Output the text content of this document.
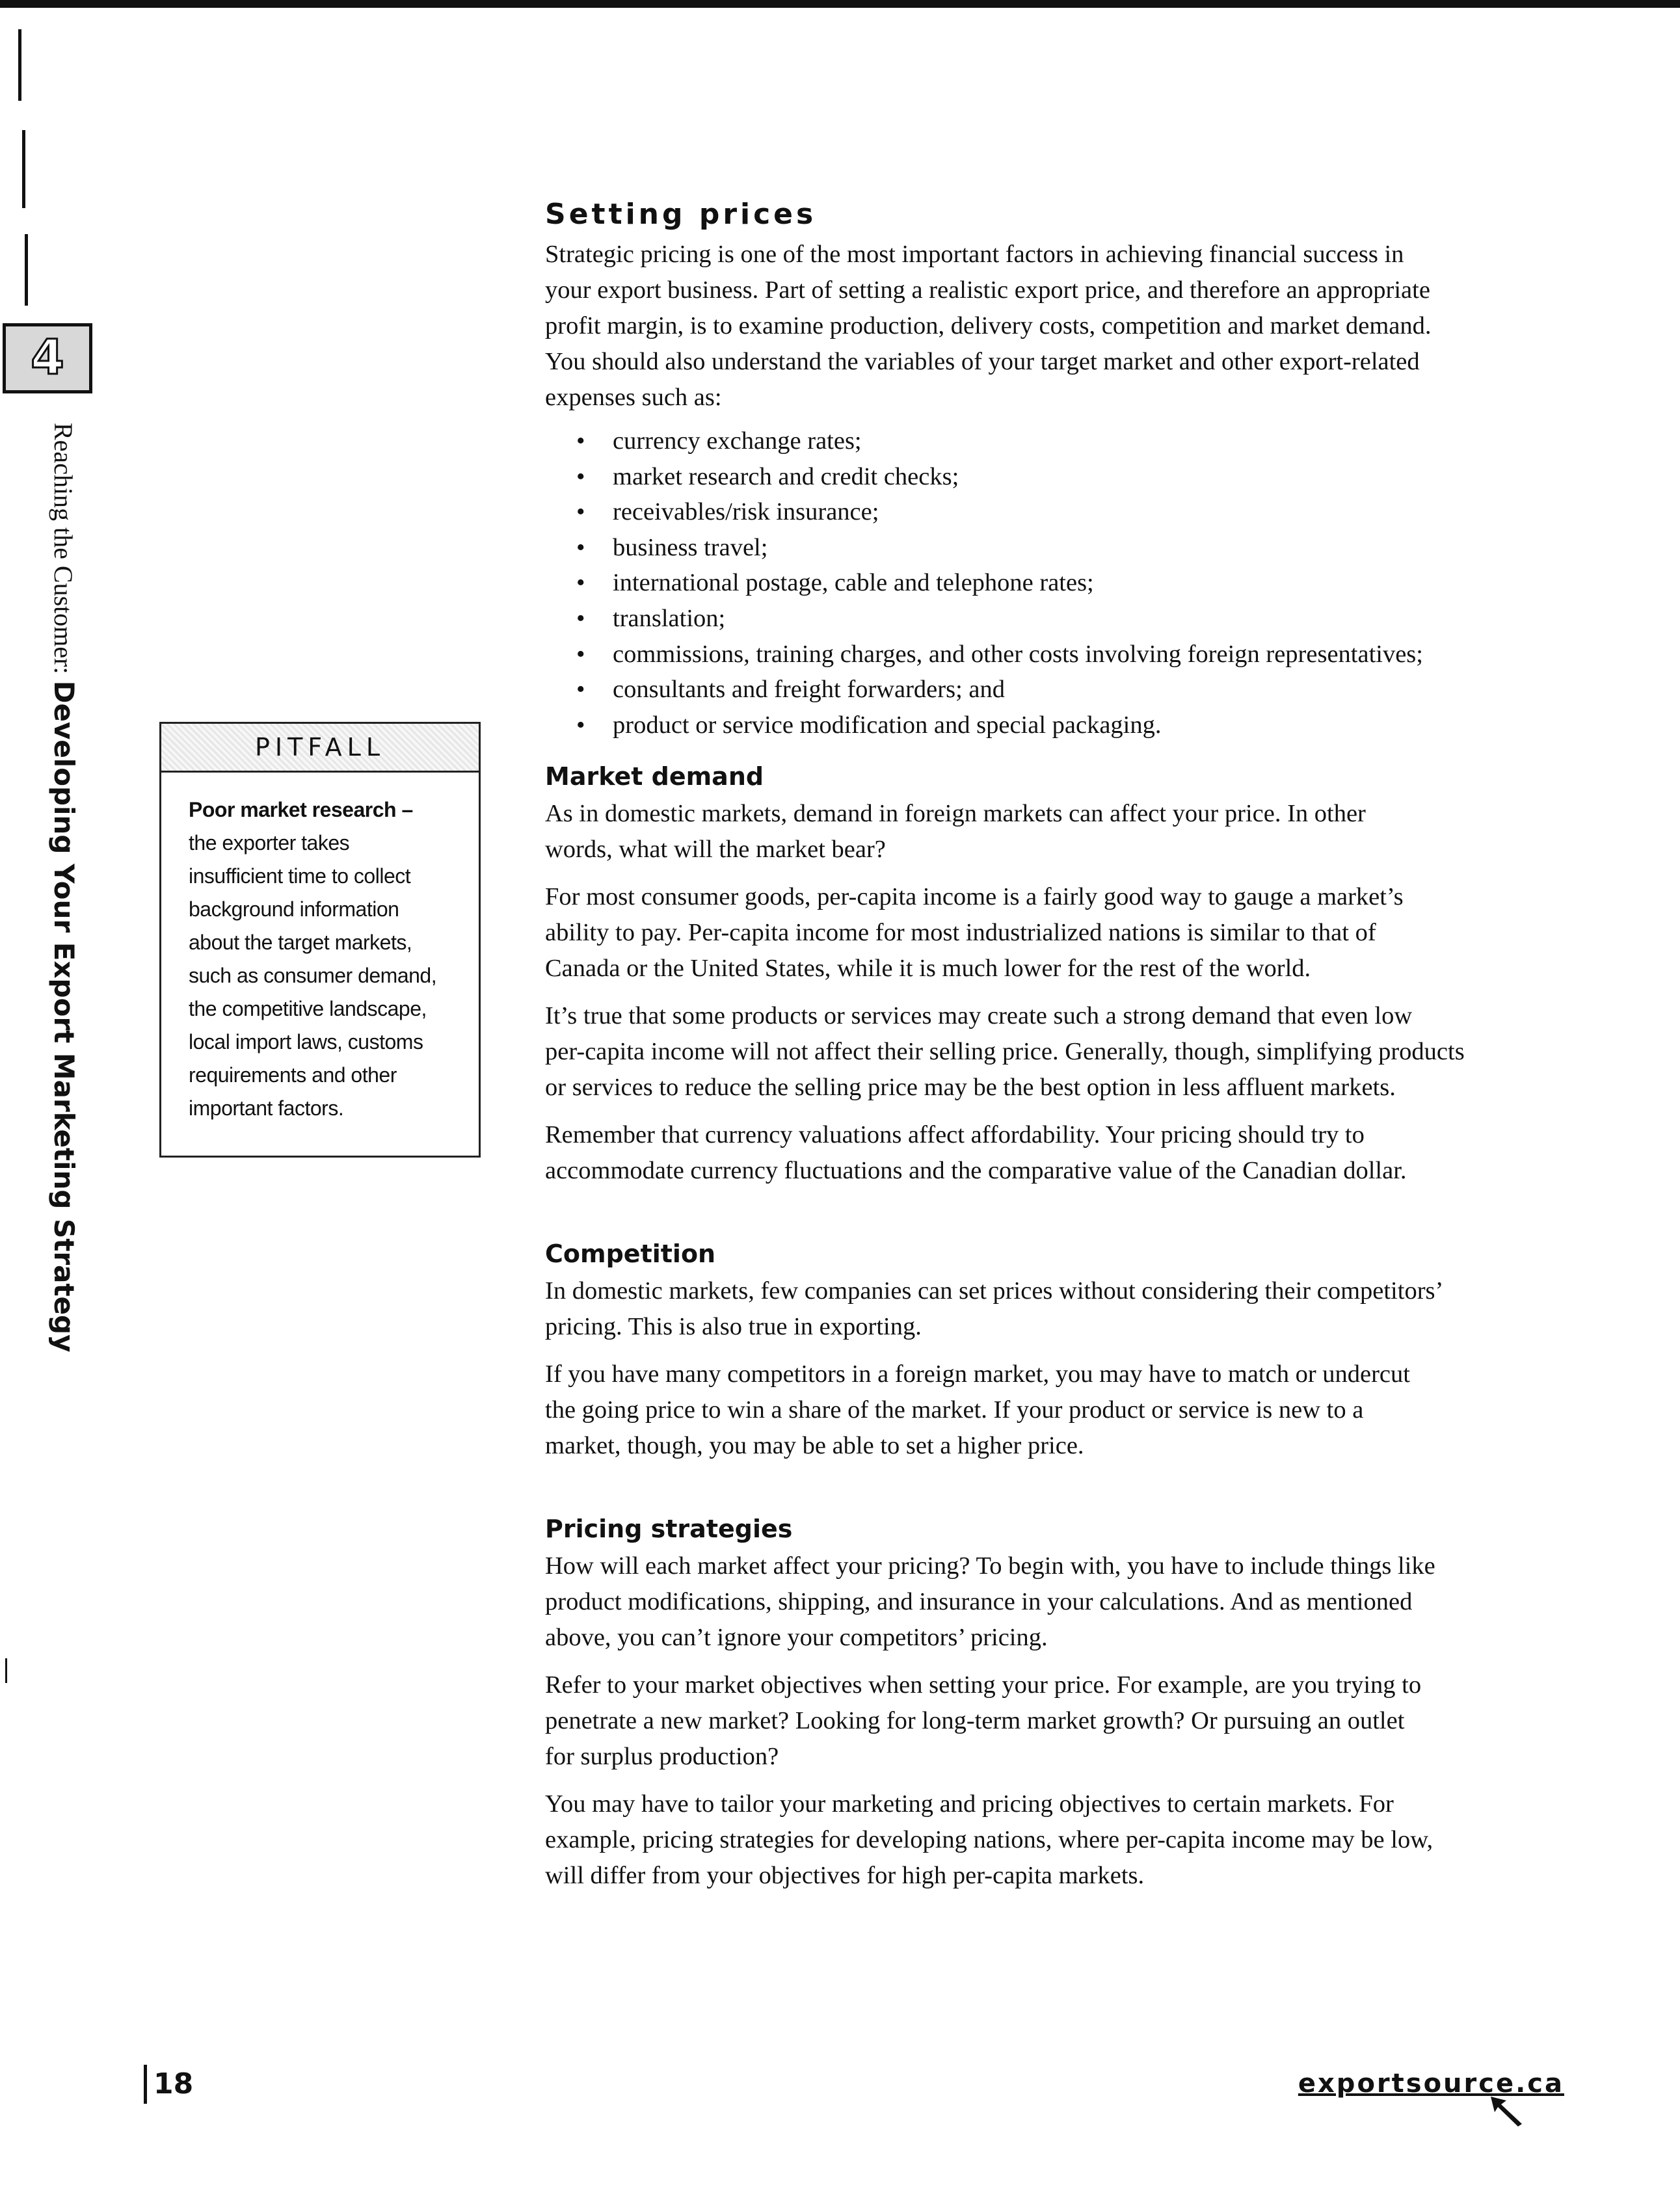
4
Reaching the Customer: Developing Your Export Marketing Strategy	PITFALL
Poor market research –
the exporter takes
insufficient time to collect
background information
about the target markets,
such as consumer demand,
the competitive landscape,
local import laws, customs
requirements and other
important factors.
Setting prices

Strategic pricing is one of the most important factors in achieving financial success in
your export business. Part of setting a realistic export price, and therefore an appropriate
profit margin, is to examine production, delivery costs, competition and market demand.
You should also understand the variables of your target market and other export-related
expenses such as:

• currency exchange rates;
• market research and credit checks;
• receivables/risk insurance;
• business travel;
• international postage, cable and telephone rates;
• translation;
• commissions, training charges, and other costs involving foreign representatives;
• consultants and freight forwarders; and
• product or service modification and special packaging.
Market demand

As in domestic markets, demand in foreign markets can affect your price. In other
words, what will the market bear?

For most consumer goods, per-capita income is a fairly good way to gauge a market’s
ability to pay. Per-capita income for most industrialized nations is similar to that of
Canada or the United States, while it is much lower for the rest of the world.

It’s true that some products or services may create such a strong demand that even low
per-capita income will not affect their selling price. Generally, though, simplifying products
or services to reduce the selling price may be the best option in less affluent markets.

Remember that currency valuations affect affordability. Your pricing should try to
accommodate currency fluctuations and the comparative value of the Canadian dollar.

Competition

In domestic markets, few companies can set prices without considering their competitors’
pricing. This is also true in exporting.

If you have many competitors in a foreign market, you may have to match or undercut
the going price to win a share of the market. If your product or service is new to a
market, though, you may be able to set a higher price.

Pricing strategies

How will each market affect your pricing? To begin with, you have to include things like
product modifications, shipping, and insurance in your calculations. And as mentioned
above, you can’t ignore your competitors’ pricing.

Refer to your market objectives when setting your price. For example, are you trying to
penetrate a new market? Looking for long-term market growth? Or pursuing an outlet
for surplus production?

You may have to tailor your marketing and pricing objectives to certain markets. For
example, pricing strategies for developing nations, where per-capita income may be low,
will differ from your objectives for high per-capita markets.

18	exportsource.ca
